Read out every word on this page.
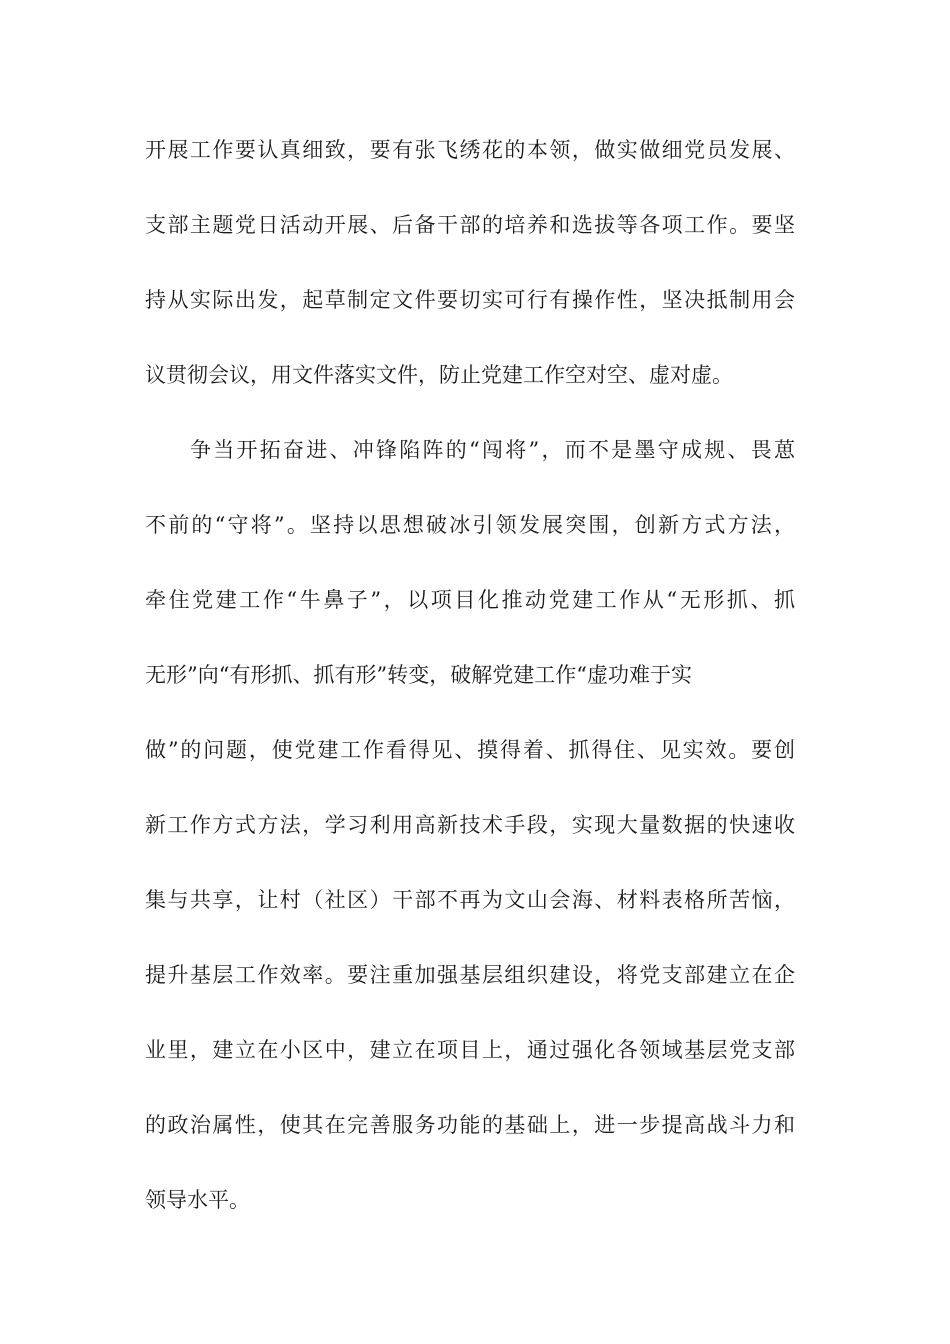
开展工作要认真细致，要有张飞绣花的本领，做实做细党员发展、
支部主题党日活动开展、后备干部的培养和选拔等各项工作。要坚
持从实际出发，起草制定文件要切实可行有操作性，坚决抵制用会
议贯彻会议，用文件落实文件，防止党建工作空对空、虚对虚。
争当开拓奋进、冲锋陷阵的“闯将”，而不是墨守成规、畏葸
不前的“守将”。坚持以思想破冰引领发展突围，创新方式方法，
牵住党建工作“牛鼻子”，以项目化推动党建工作从“无形抓、抓
无形”向“有形抓、抓有形”转变，破解党建工作“虚功难于实
做”的问题，使党建工作看得见、摸得着、抓得住、见实效。要创
新工作方式方法，学习利用高新技术手段，实现大量数据的快速收
集与共享，让村（社区）干部不再为文山会海、材料表格所苦恼，
提升基层工作效率。要注重加强基层组织建设，将党支部建立在企
业里，建立在小区中，建立在项目上，通过强化各领域基层党支部
的政治属性，使其在完善服务功能的基础上，进一步提高战斗力和
领导水平。
